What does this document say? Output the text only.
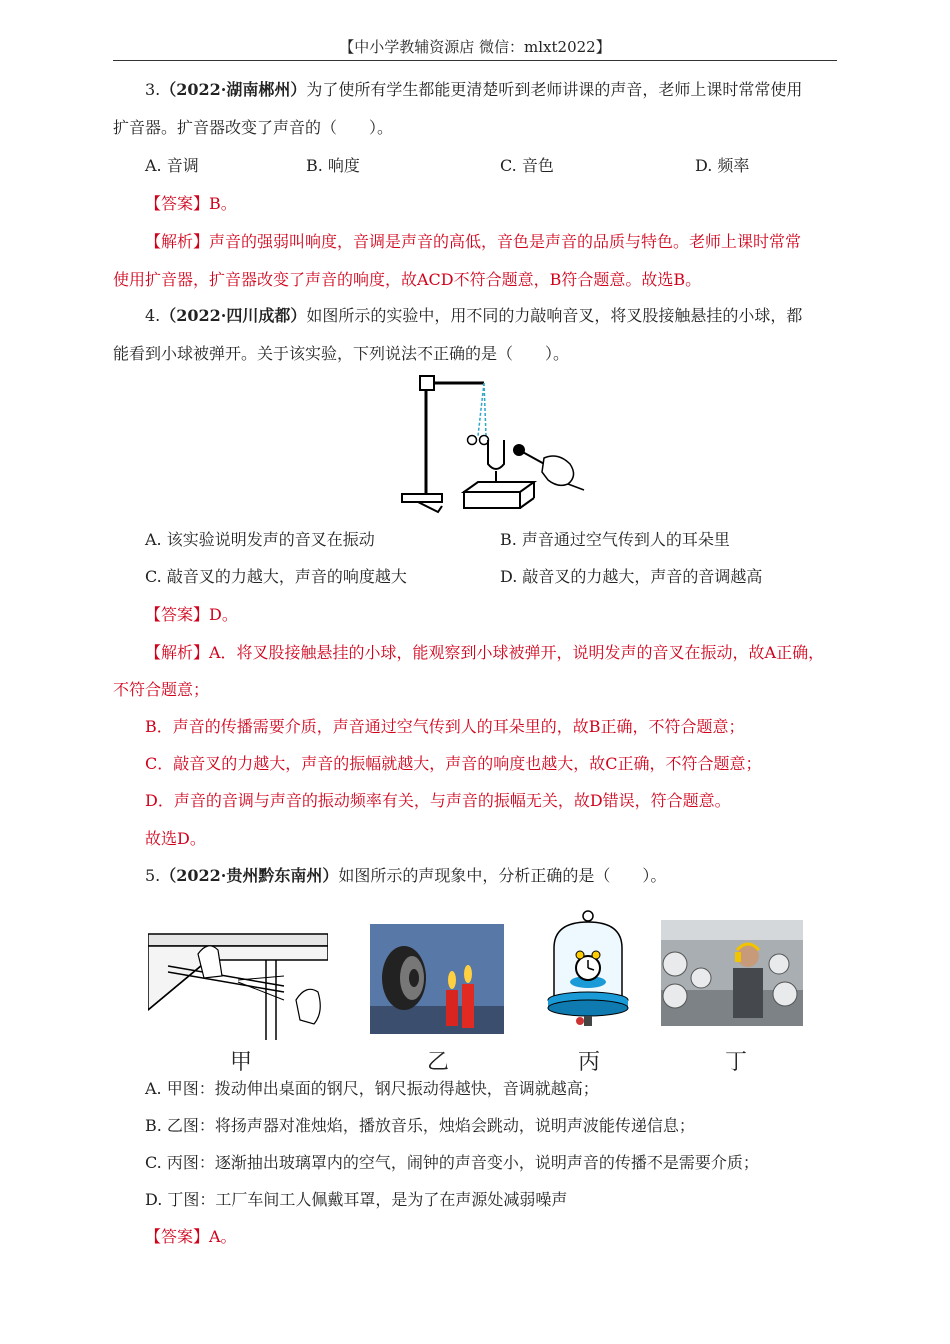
【中小学教辅资源店 微信：mlxt2022】
3.（2022·湖南郴州）为了使所有学生都能更清楚听到老师讲课的声音，老师上课时常常使用
扩音器。扩音器改变了声音的（　　）。
A. 音调	B. 响度	C. 音色	D. 频率
【答案】B。
【解析】声音的强弱叫响度，音调是声音的高低，音色是声音的品质与特色。老师上课时常常
使用扩音器，扩音器改变了声音的响度，故ACD不符合题意，B符合题意。故选B。
4.（2022·四川成都）如图所示的实验中，用不同的力敲响音叉，将叉股接触悬挂的小球，都
能看到小球被弹开。关于该实验，下列说法不正确的是（　　）。
A. 该实验说明发声的音叉在振动	B. 声音通过空气传到人的耳朵里
C. 敲音叉的力越大，声音的响度越大	D. 敲音叉的力越大，声音的音调越高
【答案】D。
【解析】A．将叉股接触悬挂的小球，能观察到小球被弹开，说明发声的音叉在振动，故A正确，
不符合题意；
B．声音的传播需要介质，声音通过空气传到人的耳朵里的，故B正确，不符合题意；
C．敲音叉的力越大，声音的振幅就越大，声音的响度也越大，故C正确，不符合题意；
D．声音的音调与声音的振动频率有关，与声音的振幅无关，故D错误，符合题意。
故选D。
5.（2022·贵州黔东南州）如图所示的声现象中，分析正确的是（　　）。
甲	乙	丙	丁
A. 甲图：拨动伸出桌面的钢尺，钢尺振动得越快，音调就越高；
B. 乙图：将扬声器对准烛焰，播放音乐，烛焰会跳动，说明声波能传递信息；
C. 丙图：逐渐抽出玻璃罩内的空气，闹钟的声音变小，说明声音的传播不是需要介质；
D. 丁图：工厂车间工人佩戴耳罩，是为了在声源处减弱噪声
【答案】A。
